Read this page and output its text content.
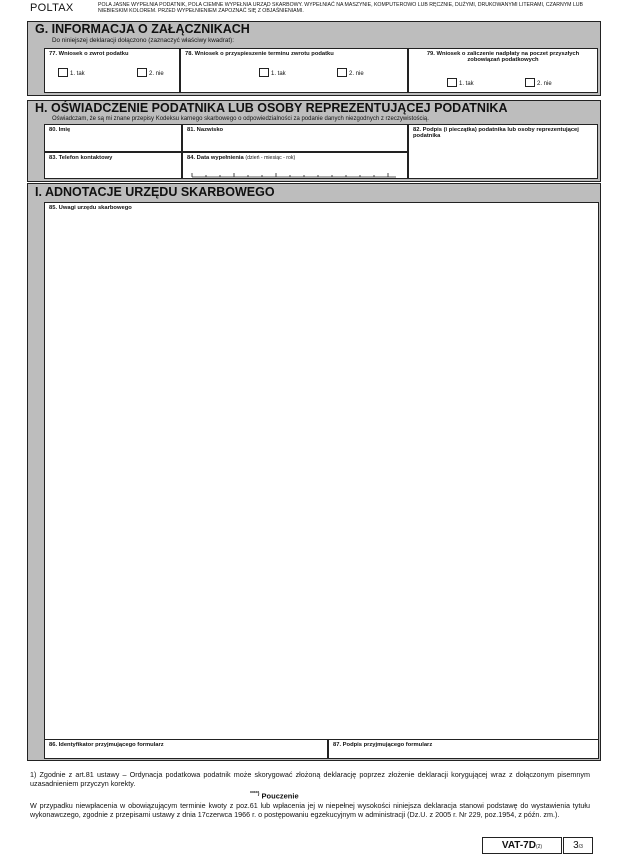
POLTAX	POLA JASNE WYPEŁNIA PODATNIK, POLA CIEMNE WYPEŁNIA URZĄD SKARBOWY. WYPEŁNIAĆ NA MASZYNIE, KOMPUTEROWO LUB RĘCZNIE, DUŻYMI, DRUKOWANYMI LITERAMI, CZARNYM LUB NIEBIESKIM KOLOREM. PRZED WYPEŁNIENIEM ZAPOZNAĆ SIĘ Z OBJAŚNIENIAMI.
G. INFORMACJA O ZAŁĄCZNIKACH
Do niniejszej deklaracji dołączono (zaznaczyć właściwy kwadrat):
77. Wniosek o zwrot podatku
1. tak	2. nie
78. Wniosek o przyspieszenie terminu zwrotu podatku
1. tak	2. nie
79. Wniosek o zaliczenie nadpłaty na poczet przyszłych zobowiązań podatkowych
1. tak	2. nie
H. OŚWIADCZENIE PODATNIKA LUB OSOBY REPREZENTUJĄCEJ PODATNIKA
Oświadczam, że są mi znane przepisy Kodeksu karnego skarbowego o odpowiedzialności za podanie danych niezgodnych z rzeczywistością.
80. Imię	81. Nazwisko	82. Podpis (i pieczątka) podatnika lub osoby reprezentującej podatnika
83. Telefon kontaktowy	84. Data wypełnienia (dzień - miesiąc - rok)
I. ADNOTACJE URZĘDU SKARBOWEGO
85. Uwagi urzędu skarbowego
86. Identyfikator przyjmującego formularz	87. Podpis przyjmującego formularz
1) Zgodnie z art.81 ustawy – Ordynacja podatkowa podatnik może skorygować złożoną deklarację poprzez złożenie deklaracji korygującej wraz z dołączonym pisemnym uzasadnieniem przyczyn korekty.
****) Pouczenie
W przypadku niewpłacenia w obowiązującym terminie kwoty z poz.61 lub wpłacenia jej w niepełnej wysokości niniejsza deklaracja stanowi podstawę do wystawienia tytułu wykonawczego, zgodnie z przepisami ustawy z dnia 17czerwca 1966 r. o postępowaniu egzekucyjnym w administracji (Dz.U. z 2005 r. Nr 229, poz.1954, z późn. zm.).
VAT-7D(2)	3/3
